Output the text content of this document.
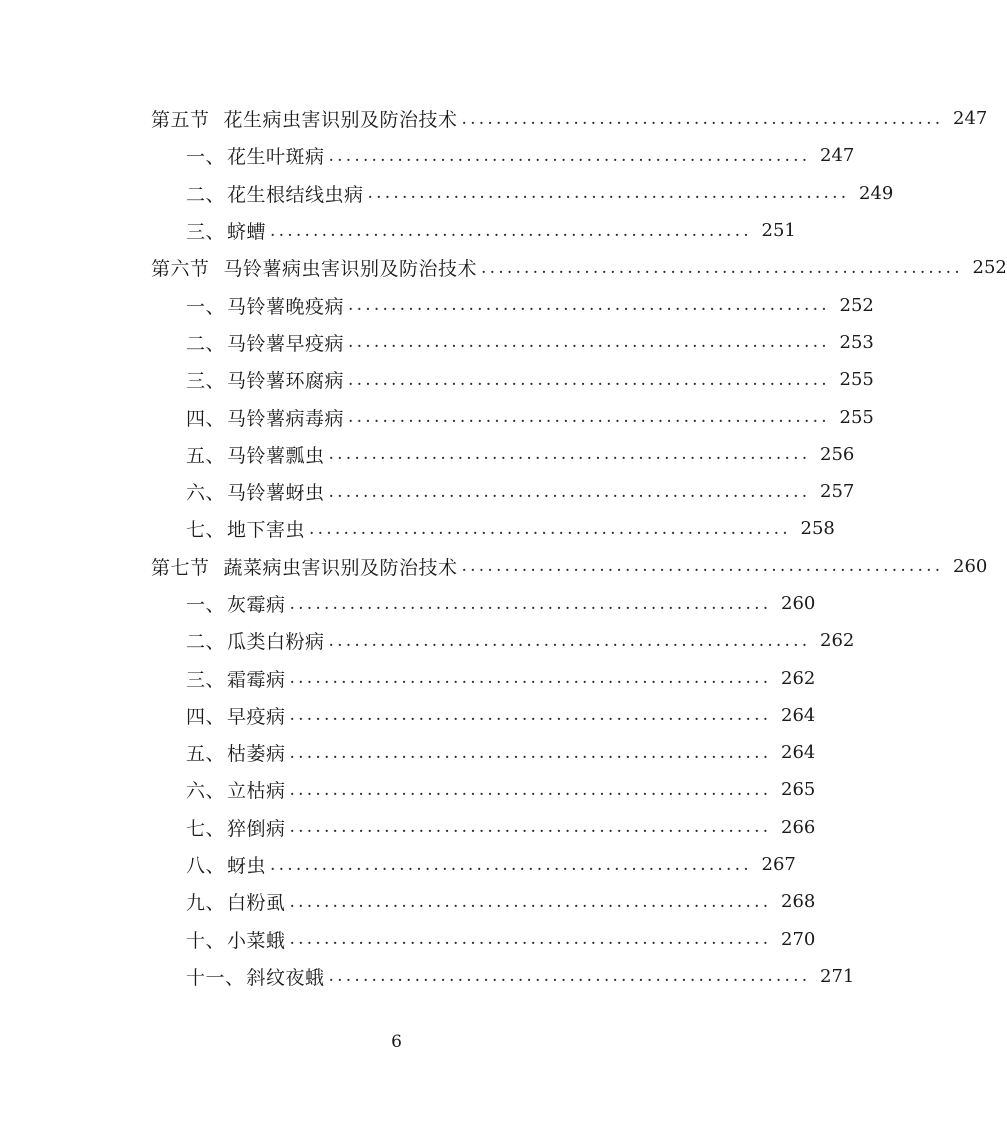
第五节 花生病虫害识别及防治技术 ........................................................ 247
一、 花生叶斑病 ........................................................ 247
二、 花生根结线虫病 ........................................................ 249
三、 蛴螬 ........................................................ 251
第六节 马铃薯病虫害识别及防治技术 ........................................................ 252
一、 马铃薯晚疫病 ........................................................ 252
二、 马铃薯早疫病 ........................................................ 253
三、 马铃薯环腐病 ........................................................ 255
四、 马铃薯病毒病 ........................................................ 255
五、 马铃薯瓢虫 ........................................................ 256
六、 马铃薯蚜虫 ........................................................ 257
七、 地下害虫 ........................................................ 258
第七节 蔬菜病虫害识别及防治技术 ........................................................ 260
一、 灰霉病 ........................................................ 260
二、 瓜类白粉病 ........................................................ 262
三、 霜霉病 ........................................................ 262
四、 早疫病 ........................................................ 264
五、 枯萎病 ........................................................ 264
六、 立枯病 ........................................................ 265
七、 猝倒病 ........................................................ 266
八、 蚜虫 ........................................................ 267
九、 白粉虱 ........................................................ 268
十、 小菜蛾 ........................................................ 270
十一、 斜纹夜蛾 ........................................................ 271
6
